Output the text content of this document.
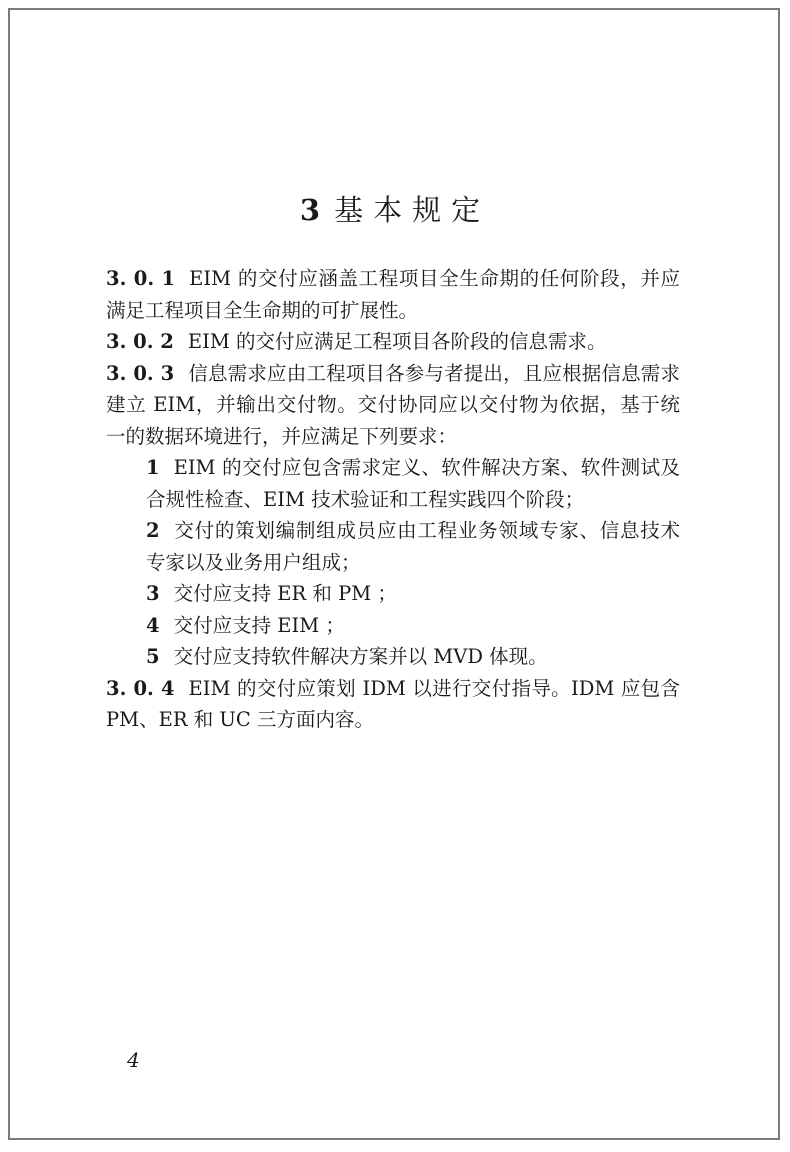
3 基本规定

3. 0. 1 EIM 的交付应涵盖工程项目全生命期的任何阶段，并应满足工程项目全生命期的可扩展性。

3. 0. 2 EIM 的交付应满足工程项目各阶段的信息需求。

3. 0. 3 信息需求应由工程项目各参与者提出，且应根据信息需求建立 EIM，并输出交付物。交付协同应以交付物为依据，基于统一的数据环境进行，并应满足下列要求：

1 EIM 的交付应包含需求定义、软件解决方案、软件测试及合规性检查、EIM 技术验证和工程实践四个阶段；

2 交付的策划编制组成员应由工程业务领域专家、信息技术专家以及业务用户组成；

3 交付应支持 ER 和 PM ；

4 交付应支持 EIM ；

5 交付应支持软件解决方案并以 MVD 体现。

3. 0. 4 EIM 的交付应策划 IDM 以进行交付指导。IDM 应包含 PM、ER 和 UC 三方面内容。

4
